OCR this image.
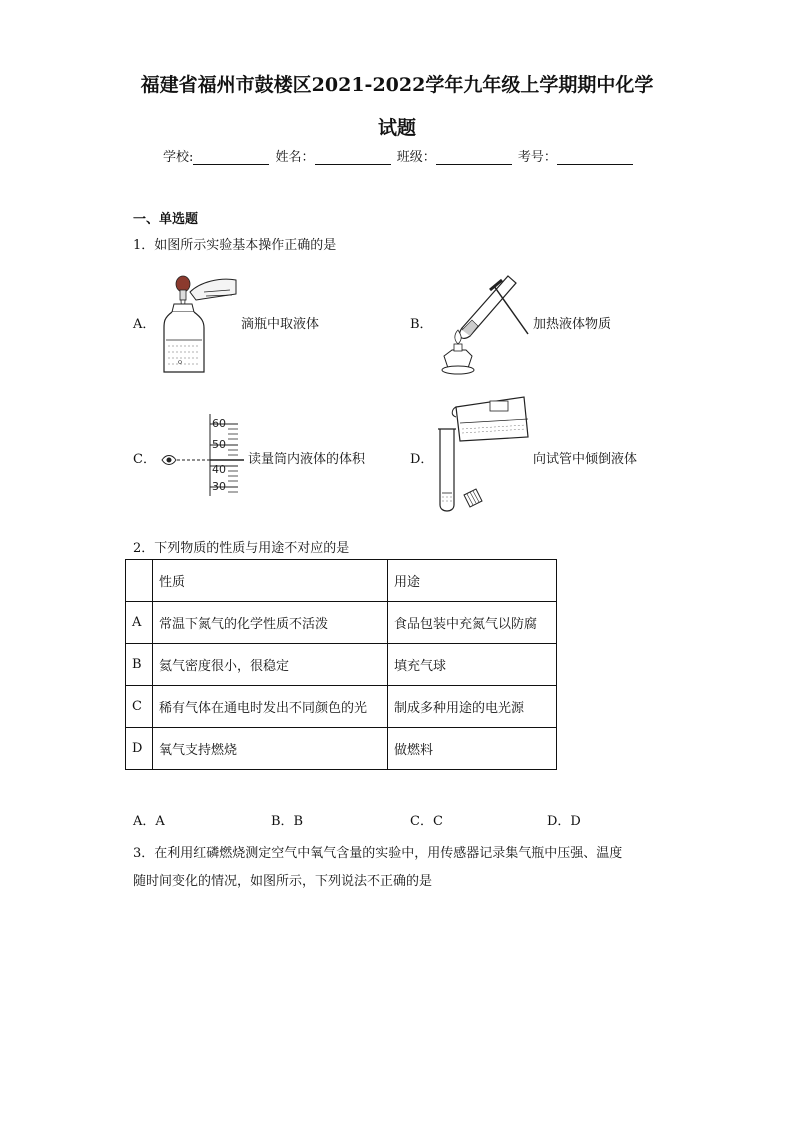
福建省福州市鼓楼区2021-2022学年九年级上学期期中化学
试题
学校:	姓名：	班级：	考号：
一、单选题
1．如图所示实验基本操作正确的是
A．	滴瓶中取液体	B．	加热液体物质
C．
60
50
40
30
读量筒内液体的体积	D．	向试管中倾倒液体
2．下列物质的性质与用途不对应的是
	性质	用途
A	常温下氮气的化学性质不活泼	食品包装中充氮气以防腐
B	氦气密度很小，很稳定	填充气球
C	稀有气体在通电时发出不同颜色的光	制成多种用途的电光源
D	氧气支持燃烧	做燃料
A．A	B．B	C．C	D．D
3．在利用红磷燃烧测定空气中氧气含量的实验中，用传感器记录集气瓶中压强、温度
随时间变化的情况，如图所示，下列说法不正确的是
